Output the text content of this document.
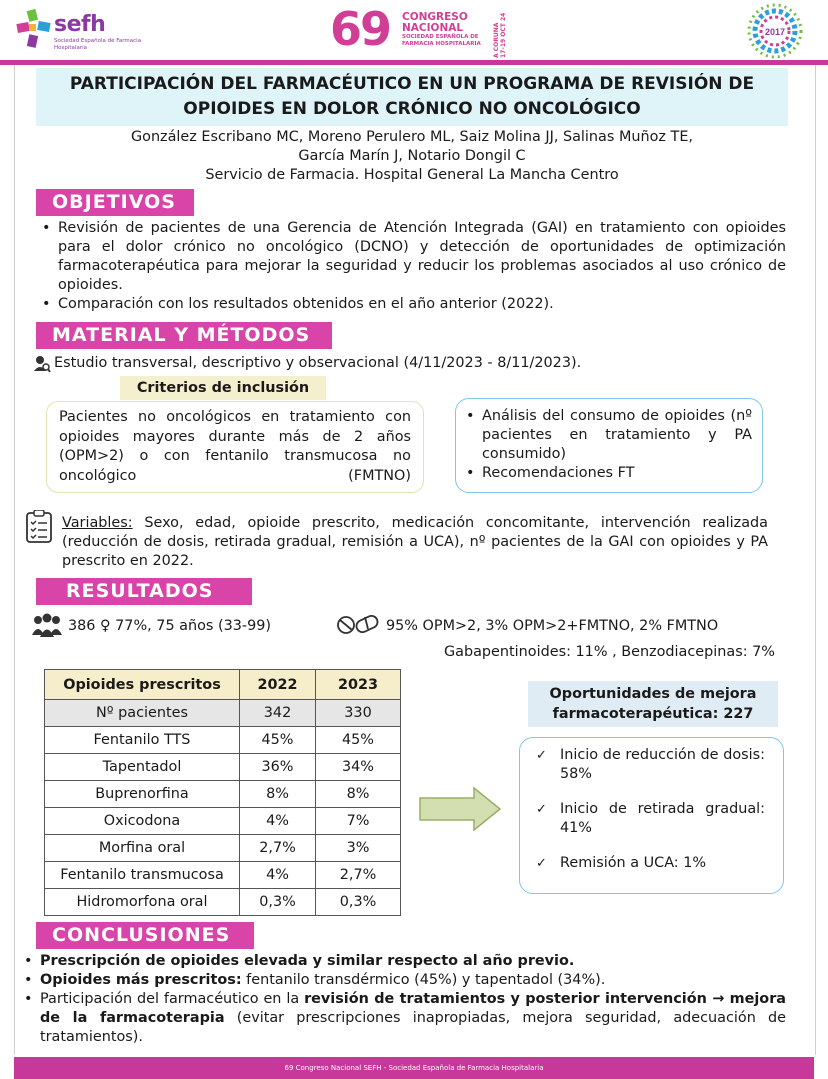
sefh
Sociedad Española de Farmacia Hospitalaria	69 CONGRESO NACIONAL
SOCIEDAD ESPAÑOLA DE FARMACIA HOSPITALARIA	A CORUÑA 17-19 OCT 24	2017
PARTICIPACIÓN DEL FARMACÉUTICO EN UN PROGRAMA DE REVISIÓN DE
OPIOIDES EN DOLOR CRÓNICO NO ONCOLÓGICO
González Escribano MC, Moreno Perulero ML, Saiz Molina JJ, Salinas Muñoz TE,
García Marín J, Notario Dongil C
Servicio de Farmacia. Hospital General La Mancha Centro
OBJETIVOS
• Revisión de pacientes de una Gerencia de Atención Integrada (GAI) en tratamiento con opioides para el dolor crónico no oncológico (DCNO) y detección de oportunidades de optimización farmacoterapéutica para mejorar la seguridad y reducir los problemas asociados al uso crónico de opioides.
• Comparación con los resultados obtenidos en el año anterior (2022).
MATERIAL Y MÉTODOS
Estudio transversal, descriptivo y observacional (4/11/2023 - 8/11/2023).
Criterios de inclusión
Pacientes no oncológicos en tratamiento con opioides mayores durante más de 2 años (OPM>2) o con fentanilo transmucosa no oncológico (FMTNO)
• Análisis del consumo de opioides (nº pacientes en tratamiento y PA consumido)
• Recomendaciones FT
Variables: Sexo, edad, opioide prescrito, medicación concomitante, intervención realizada (reducción de dosis, retirada gradual, remisión a UCA), nº pacientes de la GAI con opioides y PA prescrito en 2022.
RESULTADOS
386 ♀ 77%, 75 años (33-99)	95% OPM>2, 3% OPM>2+FMTNO, 2% FMTNO
Gabapentinoides: 11% , Benzodiacepinas: 7%
Opioides prescritos	2022	2023
Nº pacientes	342	330
Fentanilo TTS	45%	45%
Tapentadol	36%	34%
Buprenorfina	8%	8%
Oxicodona	4%	7%
Morfina oral	2,7%	3%
Fentanilo transmucosa	4%	2,7%
Hidromorfona oral	0,3%	0,3%
Oportunidades de mejora
farmacoterapéutica: 227
✓ Inicio de reducción de dosis: 58%
✓ Inicio de retirada gradual: 41%
✓ Remisión a UCA: 1%
CONCLUSIONES
• Prescripción de opioides elevada y similar respecto al año previo.
• Opioides más prescritos: fentanilo transdérmico (45%) y tapentadol (34%).
• Participación del farmacéutico en la revisión de tratamientos y posterior intervención → mejora de la farmacoterapia (evitar prescripciones inapropiadas, mejora seguridad, adecuación de tratamientos).
69 Congreso Nacional SEFH - Sociedad Española de Farmacia Hospitalaria
